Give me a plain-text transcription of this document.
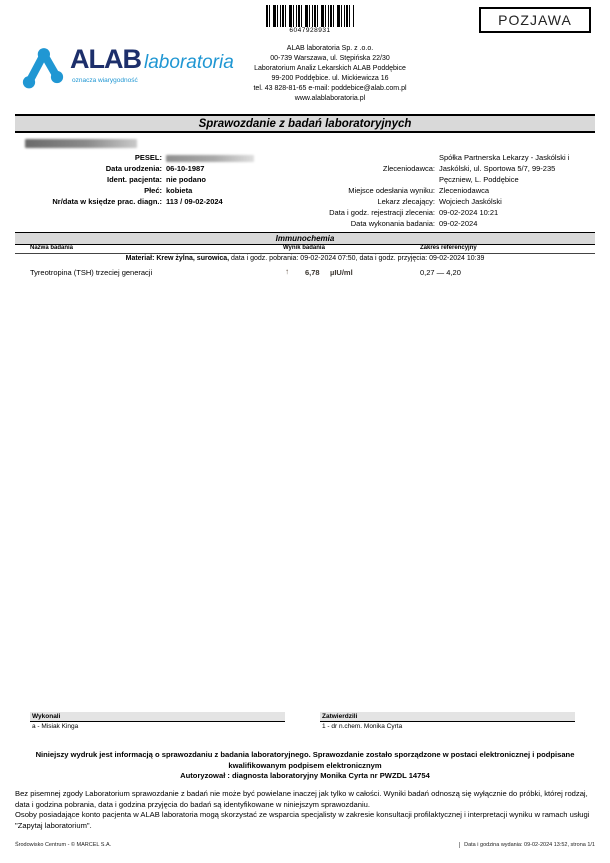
6047928931
POZJAWA
ALAB laboratoria
oznacza wiarygodność
ALAB laboratoria Sp. z .o.o.
00-739 Warszawa, ul. Stępińska 22/30
Laboratorium Analiz Lekarskich ALAB Poddębice
99-200 Poddębice. ul. Mickiewicza 16
tel. 43 828-81-65 e-mail: poddebice@alab.com.pl
www.alablaboratoria.pl
Sprawozdanie z badań laboratoryjnych
PESEL:
Data urodzenia: 06-10-1987
Ident. pacjenta: nie podano
Płeć: kobieta
Nr/data w księdze prac. diagn.: 113 / 09-02-2024
Spółka Partnerska Lekarzy - Jaskólski i
Zleceniodawca: Jaskólski, ul. Sportowa 5/7, 99-235
Pęczniew, L. Poddębice
Miejsce odesłania wyniku: Zleceniodawca
Lekarz zlecający: Wojciech Jaskólski
Data i godz. rejestracji zlecenia: 09-02-2024 10:21
Data wykonania badania: 09-02-2024
Immunochemia
Nazwa badania	Wynik badania	Zakres referencyjny
Materiał: Krew żylna, surowica, data i godz. pobrania: 09-02-2024 07:50, data i godz. przyjęcia: 09-02-2024 10:39
Tyreotropina (TSH) trzeciej generacji	↑ 6,78 µIU/ml	0,27 — 4,20
Wykonali
a - Misiak Kinga
Zatwierdzili
1 - dr n.chem. Monika Cyrta
Niniejszy wydruk jest informacją o sprawozdaniu z badania laboratoryjnego. Sprawozdanie zostało sporządzone w postaci elektronicznej i podpisane kwalifikowanym podpisem elektronicznym
Autoryzował : diagnosta laboratoryjny Monika Cyrta nr PWZDL 14754

Bez pisemnej zgody Laboratorium sprawozdanie z badań nie może być powielane inaczej jak tylko w całości. Wyniki badań odnoszą się wyłącznie do próbki, której rodzaj, data i godzina pobrania, data i godzina przyjęcia do badań są identyfikowane w niniejszym sprawozdaniu.

Osoby posiadające konto pacjenta w ALAB laboratoria mogą skorzystać ze wsparcia specjalisty w zakresie konsultacji profilaktycznej i interpretacji wyniku w ramach usługi "Zapytaj laboratorium".

Środowisko Centrum - © MARCEL S.A.	Data i godzina wydania: 09-02-2024 13:52, strona 1/1
